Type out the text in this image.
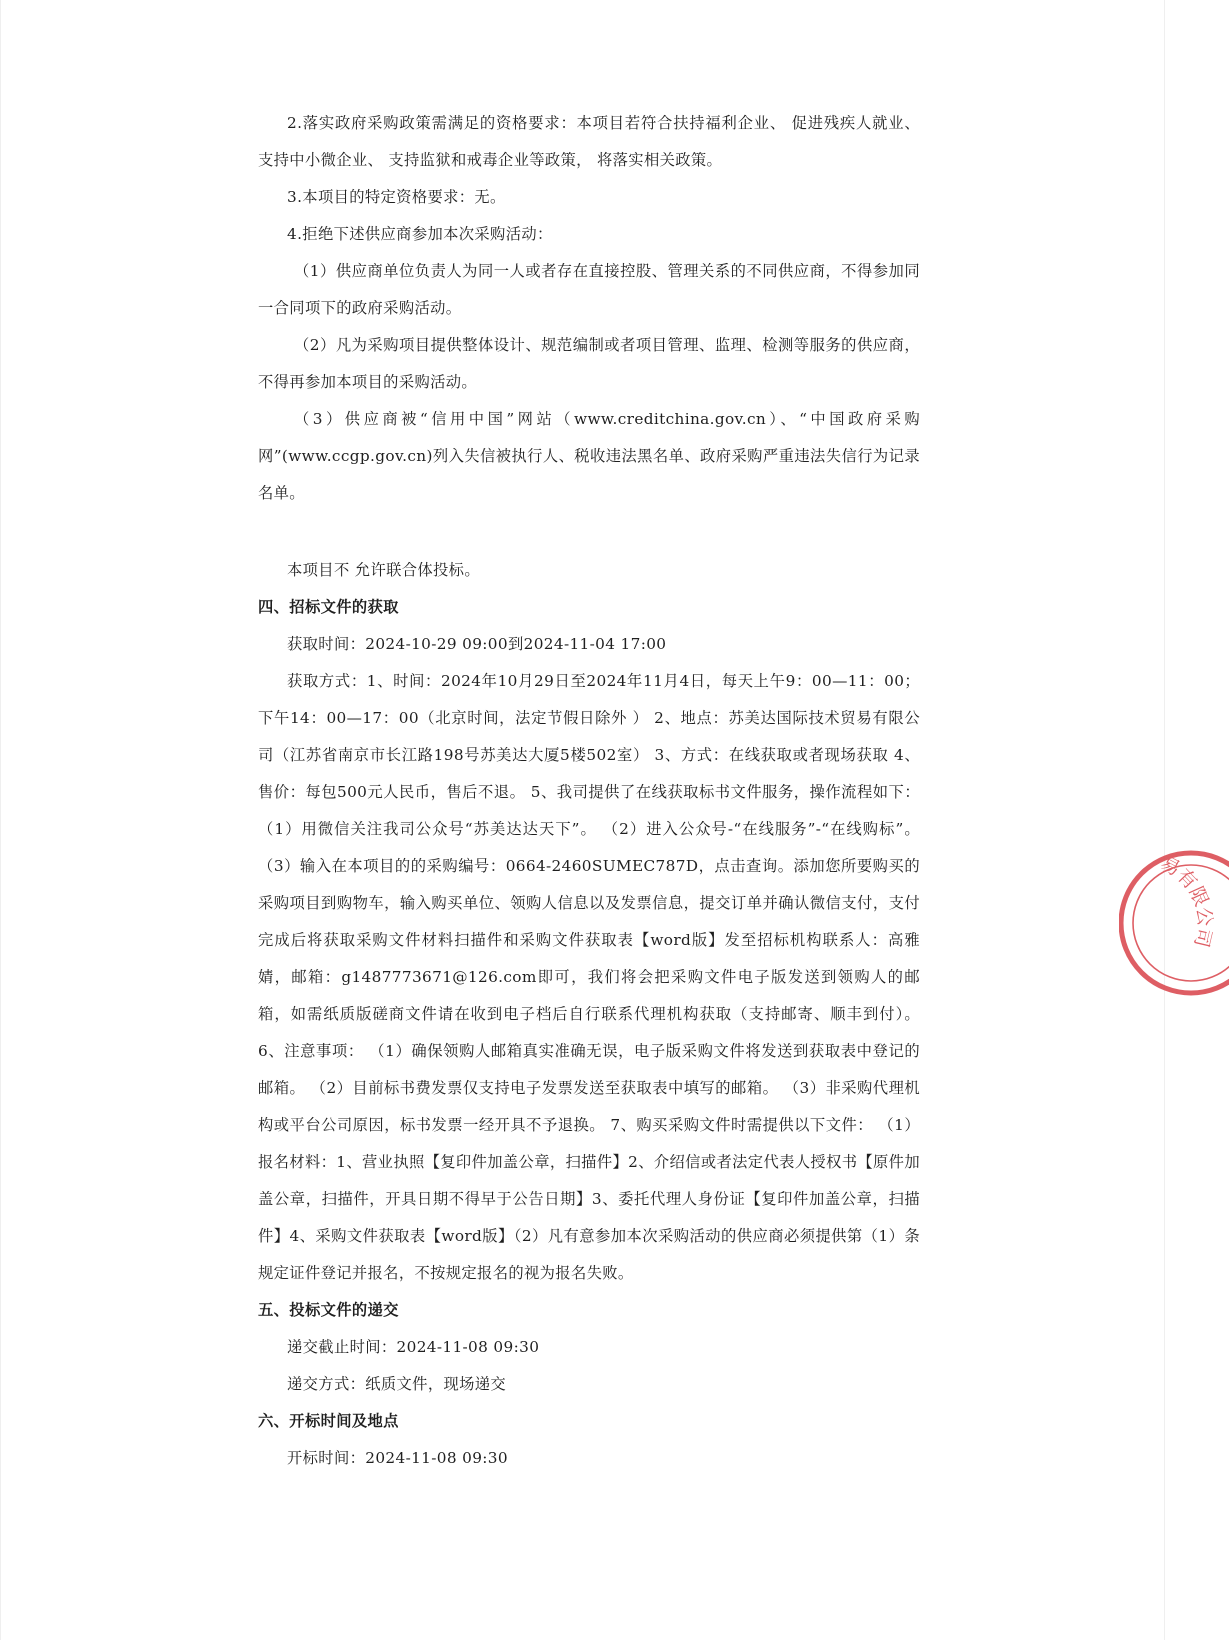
2.落实政府采购政策需满足的资格要求：本项目若符合扶持福利企业、 促进残疾人就业、 支持中小微企业、 支持监狱和戒毒企业等政策， 将落实相关政策。

3.本项目的特定资格要求：无。

4.拒绝下述供应商参加本次采购活动：

（1）供应商单位负责人为同一人或者存在直接控股、管理关系的不同供应商，不得参加同一合同项下的政府采购活动。

（2）凡为采购项目提供整体设计、规范编制或者项目管理、监理、检测等服务的供应商，不得再参加本项目的采购活动。

（3）供应商被“信用中国”网站（www.creditchina.gov.cn）、“中国政府采购网”(www.ccgp.gov.cn)列入失信被执行人、税收违法黑名单、政府采购严重违法失信行为记录名单。

本项目不 允许联合体投标。

四、招标文件的获取

获取时间：2024-10-29 09:00到2024-11-04 17:00

获取方式：1、时间：2024年10月29日至2024年11月4日，每天上午9：00—11：00；下午14：00—17：00（北京时间，法定节假日除外 ） 2、地点：苏美达国际技术贸易有限公司（江苏省南京市长江路198号苏美达大厦5楼502室） 3、方式：在线获取或者现场获取 4、售价：每包500元人民币，售后不退。 5、我司提供了在线获取标书文件服务，操作流程如下： （1）用微信关注我司公众号“苏美达达天下”。 （2）进入公众号-“在线服务”-“在线购标”。 （3）输入在本项目的的采购编号：0664-2460SUMEC787D，点击查询。添加您所要购买的采购项目到购物车，输入购买单位、领购人信息以及发票信息，提交订单并确认微信支付，支付完成后将获取采购文件材料扫描件和采购文件获取表【word版】发至招标机构联系人：高雅婧，邮箱：g1487773671@126.com即可，我们将会把采购文件电子版发送到领购人的邮箱，如需纸质版磋商文件请在收到电子档后自行联系代理机构获取（支持邮寄、顺丰到付）。 6、注意事项： （1）确保领购人邮箱真实准确无误，电子版采购文件将发送到获取表中登记的邮箱。 （2）目前标书费发票仅支持电子发票发送至获取表中填写的邮箱。 （3）非采购代理机构或平台公司原因，标书发票一经开具不予退换。 7、购买采购文件时需提供以下文件： （1）报名材料：1、营业执照【复印件加盖公章，扫描件】2、介绍信或者法定代表人授权书【原件加盖公章，扫描件，开具日期不得早于公告日期】3、委托代理人身份证【复印件加盖公章，扫描件】4、采购文件获取表【word版】（2）凡有意参加本次采购活动的供应商必须提供第（1）条规定证件登记并报名，不按规定报名的视为报名失败。

五、投标文件的递交

递交截止时间：2024-11-08 09:30

递交方式：纸质文件，现场递交

六、开标时间及地点

开标时间：2024-11-08 09:30

易有限公司
